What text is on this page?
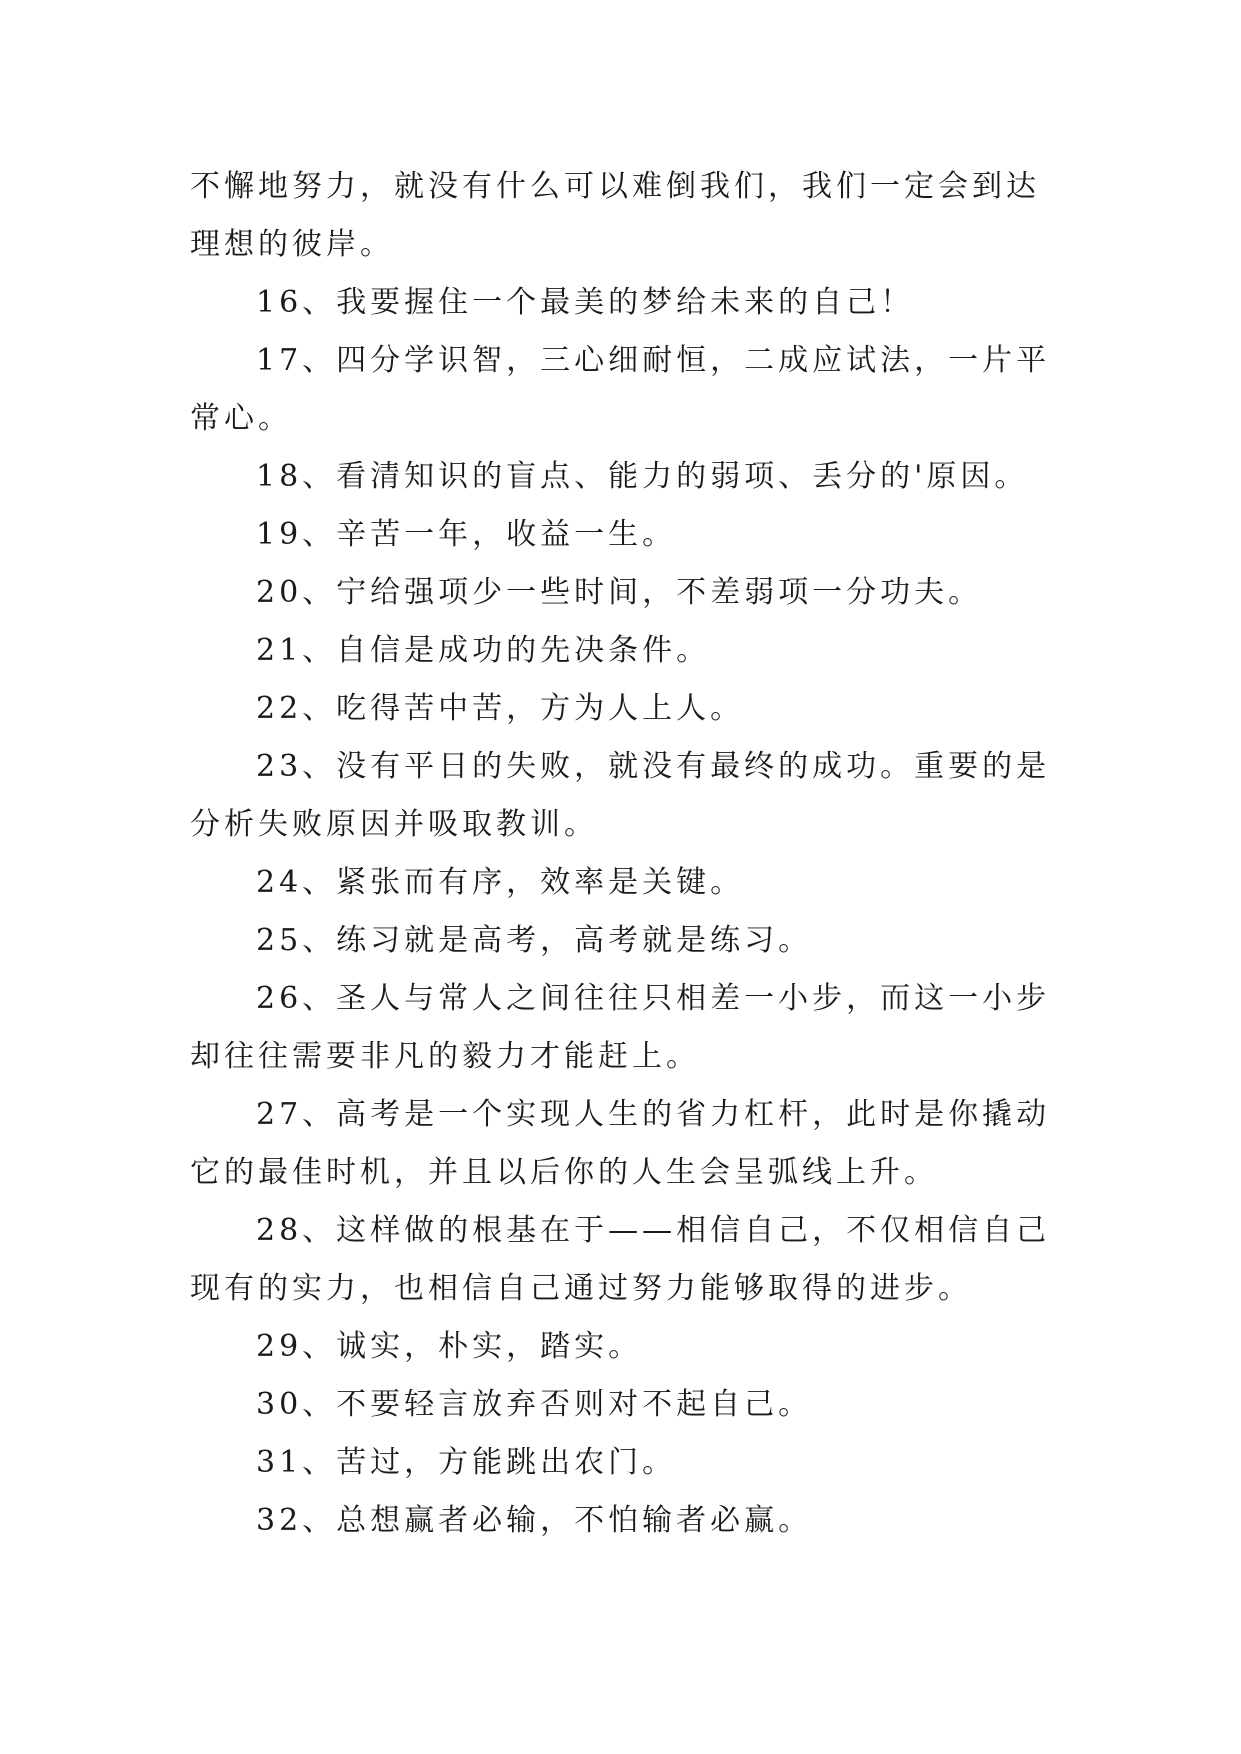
不懈地努力，就没有什么可以难倒我们，我们一定会到达理想的彼岸。

16、我要握住一个最美的梦给未来的自己！

17、四分学识智，三心细耐恒，二成应试法，一片平常心。

18、看清知识的盲点、能力的弱项、丢分的'原因。

19、辛苦一年，收益一生。

20、宁给强项少一些时间，不差弱项一分功夫。

21、自信是成功的先决条件。

22、吃得苦中苦，方为人上人。

23、没有平日的失败，就没有最终的成功。重要的是分析失败原因并吸取教训。

24、紧张而有序，效率是关键。

25、练习就是高考，高考就是练习。

26、圣人与常人之间往往只相差一小步，而这一小步却往往需要非凡的毅力才能赶上。

27、高考是一个实现人生的省力杠杆，此时是你撬动它的最佳时机，并且以后你的人生会呈弧线上升。

28、这样做的根基在于——相信自己，不仅相信自己现有的实力，也相信自己通过努力能够取得的进步。

29、诚实，朴实，踏实。

30、不要轻言放弃否则对不起自己。

31、苦过，方能跳出农门。

32、总想赢者必输，不怕输者必赢。
